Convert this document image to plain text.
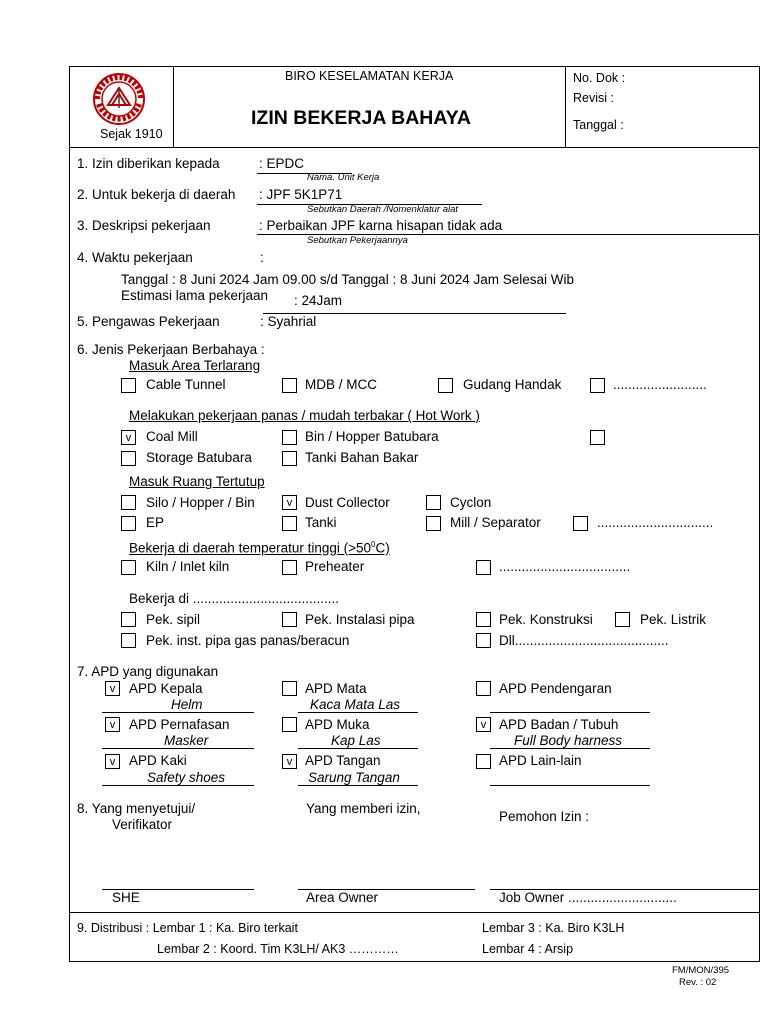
Sejak 1910
BIRO KESELAMATAN KERJA
IZIN BEKERJA BAHAYA
No. Dok :
Revisi :
Tanggal :
1. Izin diberikan kepada	: EPDC
Nama. Unit Kerja
2. Untuk bekerja di daerah : JPF 5K1P71
Sebutkan Daerah /Nomenklatur alat
3. Deskripsi pekerjaan	: Perbaikan JPF karna hisapan tidak ada
Sebutkan Pekerjaannya
4. Waktu pekerjaan	:
Tanggal : 8 Juni 2024 Jam 09.00 s/d Tanggal : 8 Juni 2024 Jam Selesai Wib
Estimasi lama pekerjaan : 24Jam
5. Pengawas Pekerjaan	: Syahrial
6. Jenis Pekerjaan Berbahaya :
Masuk Area Terlarang
Cable Tunnel	MDB / MCC	Gudang Handak	.........................
Melakukan pekerjaan panas / mudah terbakar ( Hot Work )
v	Coal Mill	Bin / Hopper Batubara
Storage Batubara	Tanki Bahan Bakar
Masuk Ruang Tertutup
Silo / Hopper / Bin	v Dust Collector	Cyclon
EP	Tanki	Mill / Separator	...............................
Bekerja di daerah temperatur tinggi $(>50^0C)$
Kiln / Inlet kiln	Preheater	...................................
Bekerja di .......................................
Pek. sipil	Pek. Instalasi pipa	Pek. Konstruksi	Pek. Listrik
Pek. inst. pipa gas panas/beracun	Dll.........................................
7. APD yang digunakan
v	APD Kepala
Helm
APD Mata
Kaca Mata Las
APD Pendengaran
v	APD Pernafasan
Masker
APD Muka
Kap Las
v APD Badan / Tubuh
Full Body harness
v	APD Kaki
Safety shoes
v APD Tangan
Sarung Tangan
APD Lain-lain
8. Yang menyetujui/
Verifikator
Yang memberi izin,
Pemohon Izin :
SHE	Area Owner	Job Owner .............................
9. Distribusi : Lembar 1 : Ka. Biro terkait
Lembar 2 : Koord. Tim K3LH/ AK3 …………
Lembar 3 : Ka. Biro K3LH
Lembar 4 : Arsip
FM/MON/395
Rev. : 02
